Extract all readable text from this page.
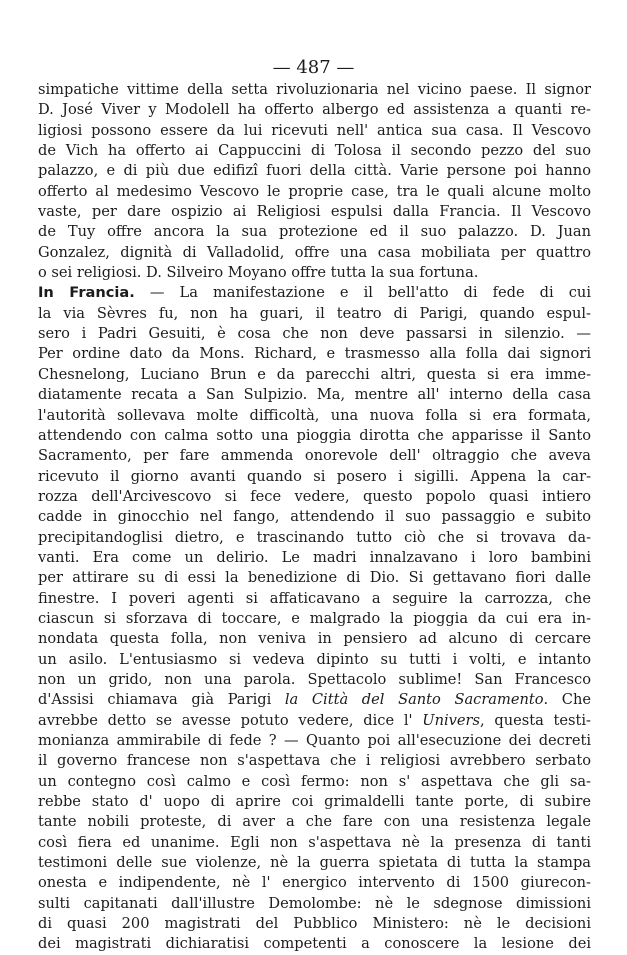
— 487 —
simpatiche vittime della setta rivoluzionaria nel vicino paese. Il signor
D. José Viver y Modolell ha offerto albergo ed assistenza a quanti re-
ligiosi possono essere da lui ricevuti nell' antica sua casa. Il Vescovo
de Vich ha offerto ai Cappuccini di Tolosa il secondo pezzo del suo
palazzo, e di più due edifizî fuori della città. Varie persone poi hanno
offerto al medesimo Vescovo le proprie case, tra le quali alcune molto
vaste, per dare ospizio ai Religiosi espulsi dalla Francia. Il Vescovo
de Tuy offre ancora la sua protezione ed il suo palazzo. D. Juan
Gonzalez, dignità di Valladolid, offre una casa mobiliata per quattro
o sei religiosi. D. Silveiro Moyano offre tutta la sua fortuna.
In Francia. — La manifestazione e il bell'atto di fede di cui
la via Sèvres fu, non ha guari, il teatro di Parigi, quando espul-
sero i Padri Gesuiti, è cosa che non deve passarsi in silenzio. —
Per ordine dato da Mons. Richard, e trasmesso alla folla dai signori
Chesnelong, Luciano Brun e da parecchi altri, questa si era imme-
diatamente recata a San Sulpizio. Ma, mentre all' interno della casa
l'autorità sollevava molte difficoltà, una nuova folla si era formata,
attendendo con calma sotto una pioggia dirotta che apparisse il Santo
Sacramento, per fare ammenda onorevole dell' oltraggio che aveva
ricevuto il giorno avanti quando si posero i sigilli. Appena la car-
rozza dell'Arcivescovo si fece vedere, questo popolo quasi intiero
cadde in ginocchio nel fango, attendendo il suo passaggio e subito
precipitandoglisi dietro, e trascinando tutto ciò che si trovava da-
vanti. Era come un delirio. Le madri innalzavano i loro bambini
per attirare su di essi la benedizione di Dio. Si gettavano fiori dalle
finestre. I poveri agenti si affaticavano a seguire la carrozza, che
ciascun si sforzava di toccare, e malgrado la pioggia da cui era in-
nondata questa folla, non veniva in pensiero ad alcuno di cercare
un asilo. L'entusiasmo si vedeva dipinto su tutti i volti, e intanto
non un grido, non una parola. Spettacolo sublime! San Francesco
d'Assisi chiamava già Parigi la Città del Santo Sacramento. Che
avrebbe detto se avesse potuto vedere, dice l' Univers, questa testi-
monianza ammirabile di fede ? — Quanto poi all'esecuzione dei decreti
il governo francese non s'aspettava che i religiosi avrebbero serbato
un contegno così calmo e così fermo: non s' aspettava che gli sa-
rebbe stato d' uopo di aprire coi grimaldelli tante porte, di subire
tante nobili proteste, di aver a che fare con una resistenza legale
così fiera ed unanime. Egli non s'aspettava nè la presenza di tanti
testimoni delle sue violenze, nè la guerra spietata di tutta la stampa
onesta e indipendente, nè l' energico intervento di 1500 giurecon-
sulti capitanati dall'illustre Demolombe: nè le sdegnose dimissioni
di quasi 200 magistrati del Pubblico Ministero: nè le decisioni
dei magistrati dichiaratisi competenti a conoscere la lesione dei
